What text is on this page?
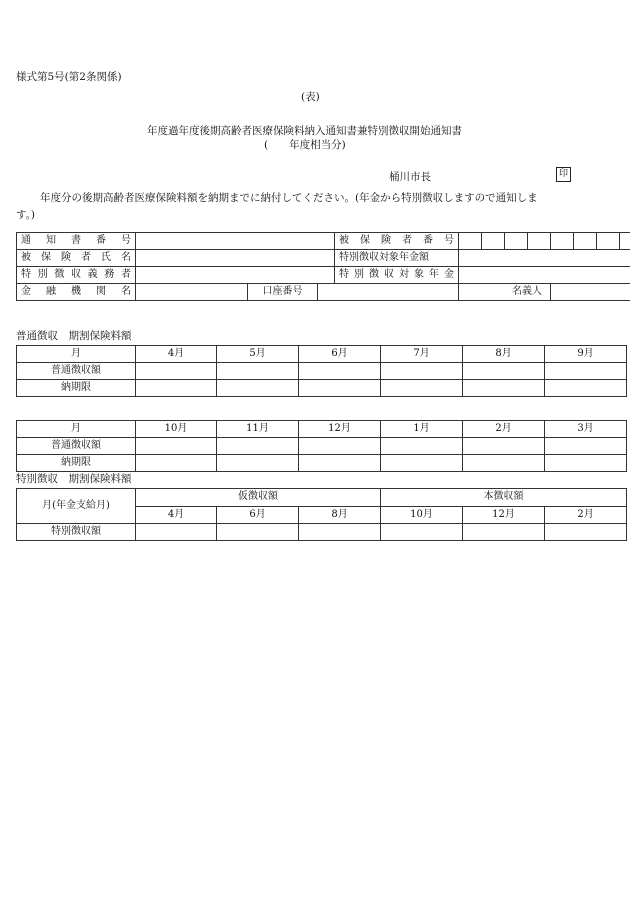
様式第5号(第2条関係)
(表)
年度過年度後期高齢者医療保険料納入通知書兼特別徴収開始通知書
(　　年度相当分)
桶川市長	印
年度分の後期高齢者医療保険料額を納期までに納付してください。(年金から特別徴収しますので通知しま
す。)
通知書番号				被保険者番号								
被保険者氏名				特別徴収対象年金額								
特別徴収義務者				特別徴収対象年金								
金融機関名		口座番号			名義人							
普通徴収　期割保険料額
月	4月	5月	6月	7月	8月	9月
普通徴収額						
納期限						
月	10月	11月	12月	1月	2月	3月
普通徴収額						
納期限						
特別徴収　期割保険料額
月(年金支給月)	仮徴収額			本徴収額		
	4月	6月	8月	10月	12月	2月
特別徴収額						
